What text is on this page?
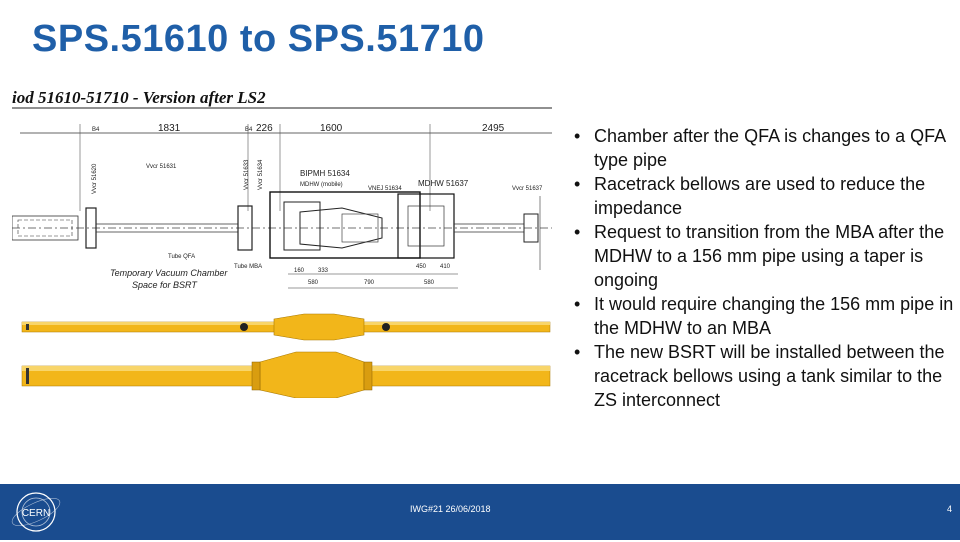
SPS.51610 to SPS.51710
iod 51610-51710 - Version after LS2
B4	1831	B4 226	1600	2495
Vvcr 51620	Vvcr 51633 Vvcr 51634
Vvcr 51631
BIPMH 51634
MDHW (mobile)
VNEJ 51634
MDHW 51637
Vvcr 51637
160 333
580	790	580
450 410
Temporary Vacuum Chamber
Space for BSRT
Tube QFA
Tube MBA
• Chamber after the QFA is changes to a QFA type pipe
• Racetrack bellows are used to reduce the impedance
• Request to transition from the MBA after the MDHW to a 156 mm pipe using a taper is ongoing
• It would require changing the 156 mm pipe in the MDHW to an MBA
• The new BSRT will be installed between the racetrack bellows using a tank similar to the ZS interconnect
CERN	IWG#21 26/06/2018	4
